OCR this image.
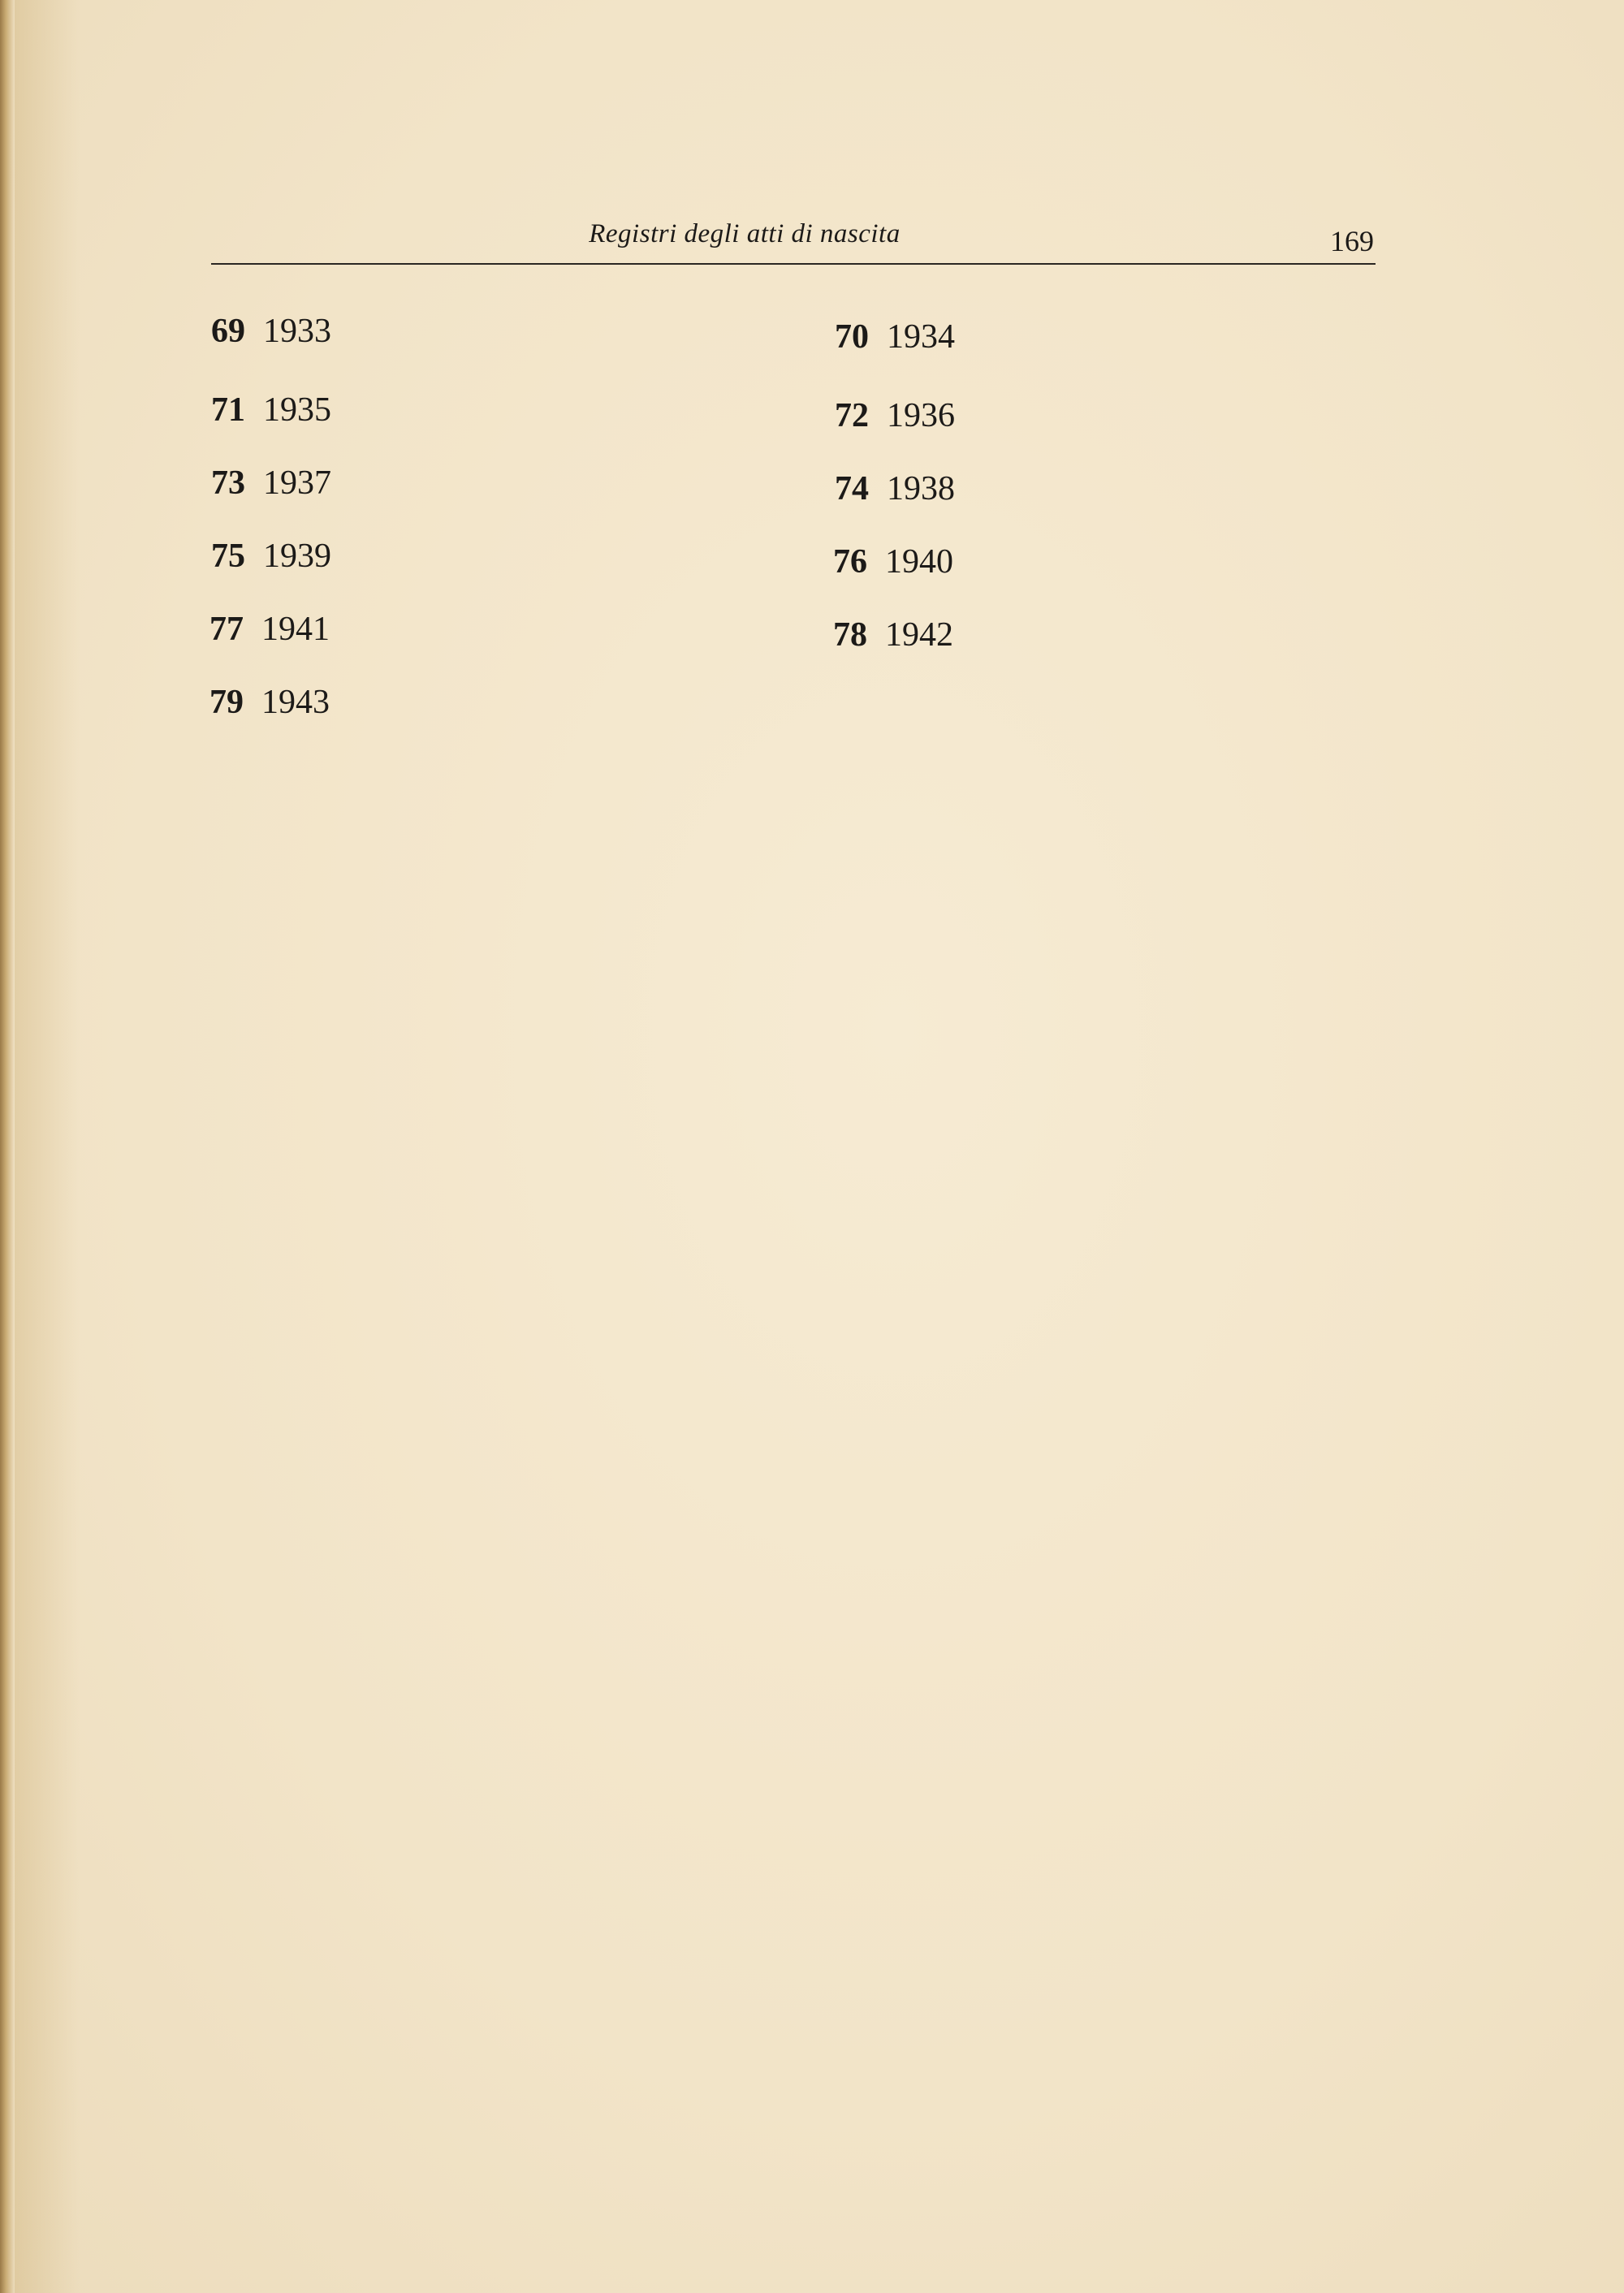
Registri degli atti di nascita	169
69 1933
71 1935
73 1937
75 1939
77 1941
79 1943
70 1934
72 1936
74 1938
76 1940
78 1942
